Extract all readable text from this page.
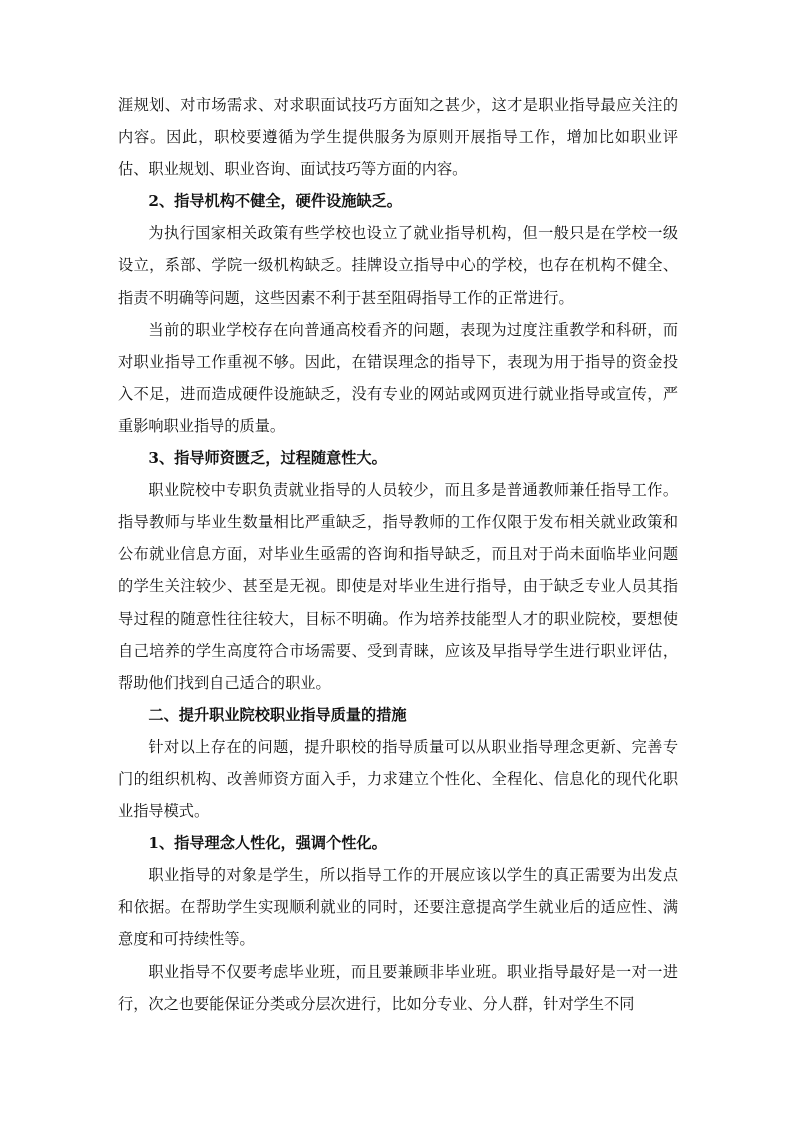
涯规划、对市场需求、对求职面试技巧方面知之甚少，这才是职业指导最应关注的内容。因此，职校要遵循为学生提供服务为原则开展指导工作，增加比如职业评估、职业规划、职业咨询、面试技巧等方面的内容。

2、指导机构不健全，硬件设施缺乏。

为执行国家相关政策有些学校也设立了就业指导机构，但一般只是在学校一级设立，系部、学院一级机构缺乏。挂牌设立指导中心的学校，也存在机构不健全、指责不明确等问题，这些因素不利于甚至阻碍指导工作的正常进行。

当前的职业学校存在向普通高校看齐的问题，表现为过度注重教学和科研，而对职业指导工作重视不够。因此，在错误理念的指导下，表现为用于指导的资金投入不足，进而造成硬件设施缺乏，没有专业的网站或网页进行就业指导或宣传，严重影响职业指导的质量。

3、指导师资匮乏，过程随意性大。

职业院校中专职负责就业指导的人员较少，而且多是普通教师兼任指导工作。指导教师与毕业生数量相比严重缺乏，指导教师的工作仅限于发布相关就业政策和公布就业信息方面，对毕业生亟需的咨询和指导缺乏，而且对于尚未面临毕业问题的学生关注较少、甚至是无视。即使是对毕业生进行指导，由于缺乏专业人员其指导过程的随意性往往较大，目标不明确。作为培养技能型人才的职业院校，要想使自己培养的学生高度符合市场需要、受到青睐，应该及早指导学生进行职业评估，帮助他们找到自己适合的职业。

二、提升职业院校职业指导质量的措施

针对以上存在的问题，提升职校的指导质量可以从职业指导理念更新、完善专门的组织机构、改善师资方面入手，力求建立个性化、全程化、信息化的现代化职业指导模式。

1、指导理念人性化，强调个性化。

职业指导的对象是学生，所以指导工作的开展应该以学生的真正需要为出发点和依据。在帮助学生实现顺利就业的同时，还要注意提高学生就业后的适应性、满意度和可持续性等。

职业指导不仅要考虑毕业班，而且要兼顾非毕业班。职业指导最好是一对一进行，次之也要能保证分类或分层次进行，比如分专业、分人群，针对学生不同
